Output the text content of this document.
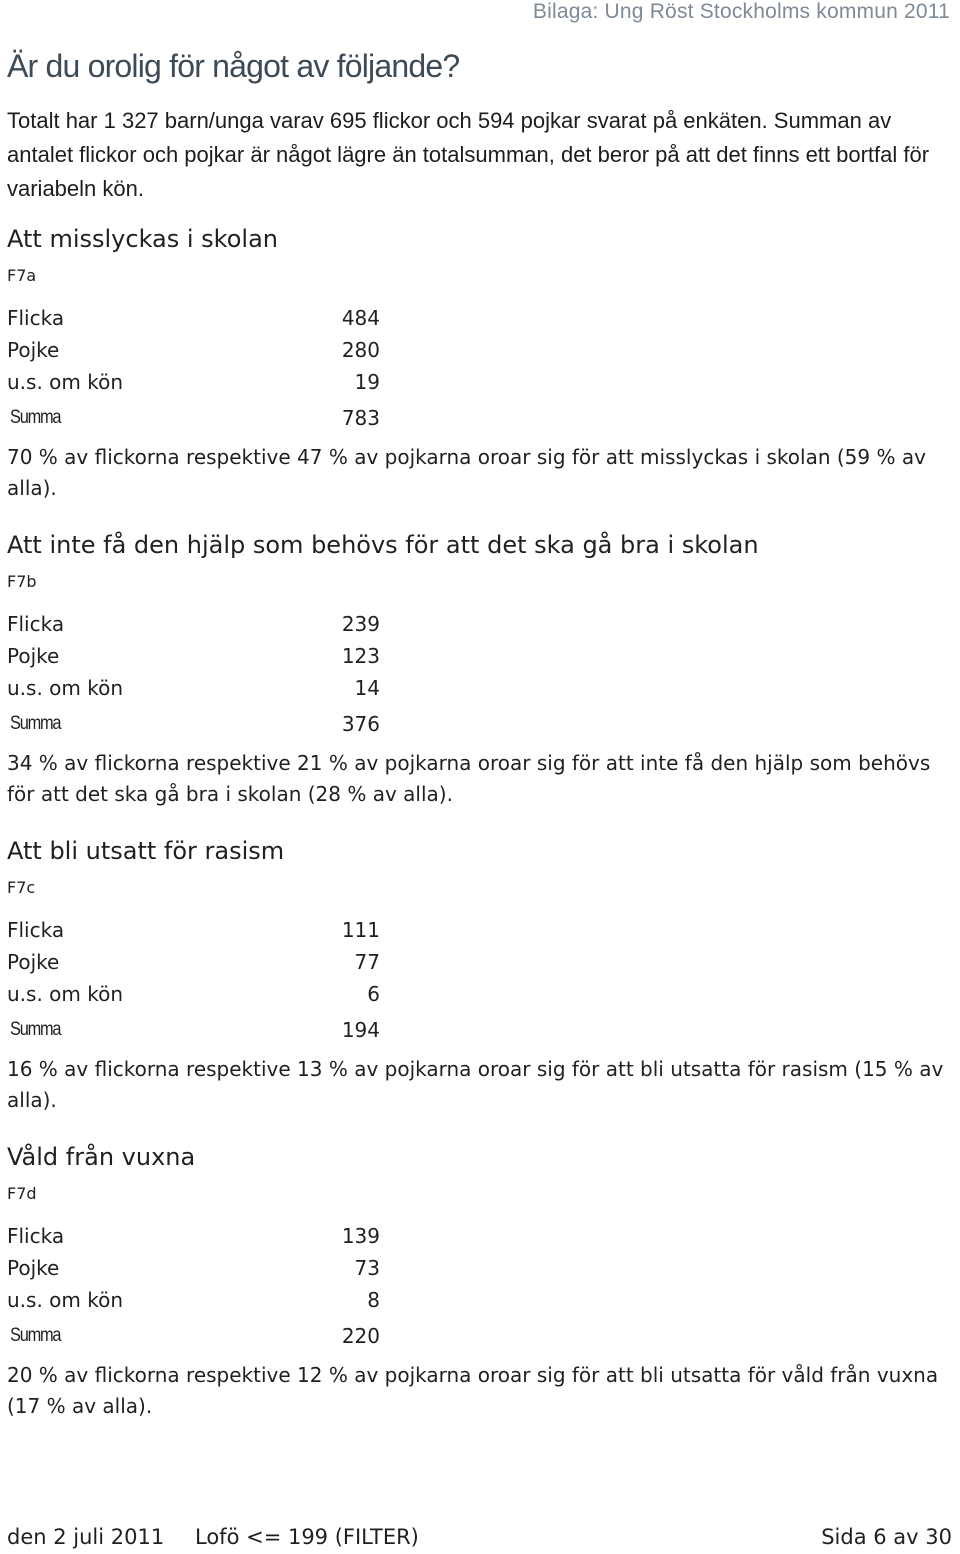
Bilaga: Ung Röst Stockholms kommun 2011
Är du orolig för något av följande?

Totalt har 1 327 barn/unga varav 695 flickor och 594 pojkar svarat på enkäten. Summan av antalet flickor och pojkar är något lägre än totalsumman, det beror på att det finns ett bortfal för variabeln kön.

Att misslyckas i skolan
F7a
Flicka	484
Pojke	280
u.s. om kön	19
Summa	783
70 % av flickorna respektive 47 % av pojkarna oroar sig för att misslyckas i skolan (59 % av alla).
Att inte få den hjälp som behövs för att det ska gå bra i skolan
F7b
Flicka	239
Pojke	123
u.s. om kön	14
Summa	376
34 % av flickorna respektive 21 % av pojkarna oroar sig för att inte få den hjälp som behövs för att det ska gå bra i skolan (28 % av alla).
Att bli utsatt för rasism
F7c
Flicka	111
Pojke	77
u.s. om kön	6
Summa	194
16 % av flickorna respektive 13 % av pojkarna oroar sig för att bli utsatta för rasism (15 % av alla).
Våld från vuxna
F7d
Flicka	139
Pojke	73
u.s. om kön	8
Summa	220
20 % av flickorna respektive 12 % av pojkarna oroar sig för att bli utsatta för våld från vuxna (17 % av alla).
den 2 juli 2011 Lofö <= 199 (FILTER)	Sida 6 av 30
